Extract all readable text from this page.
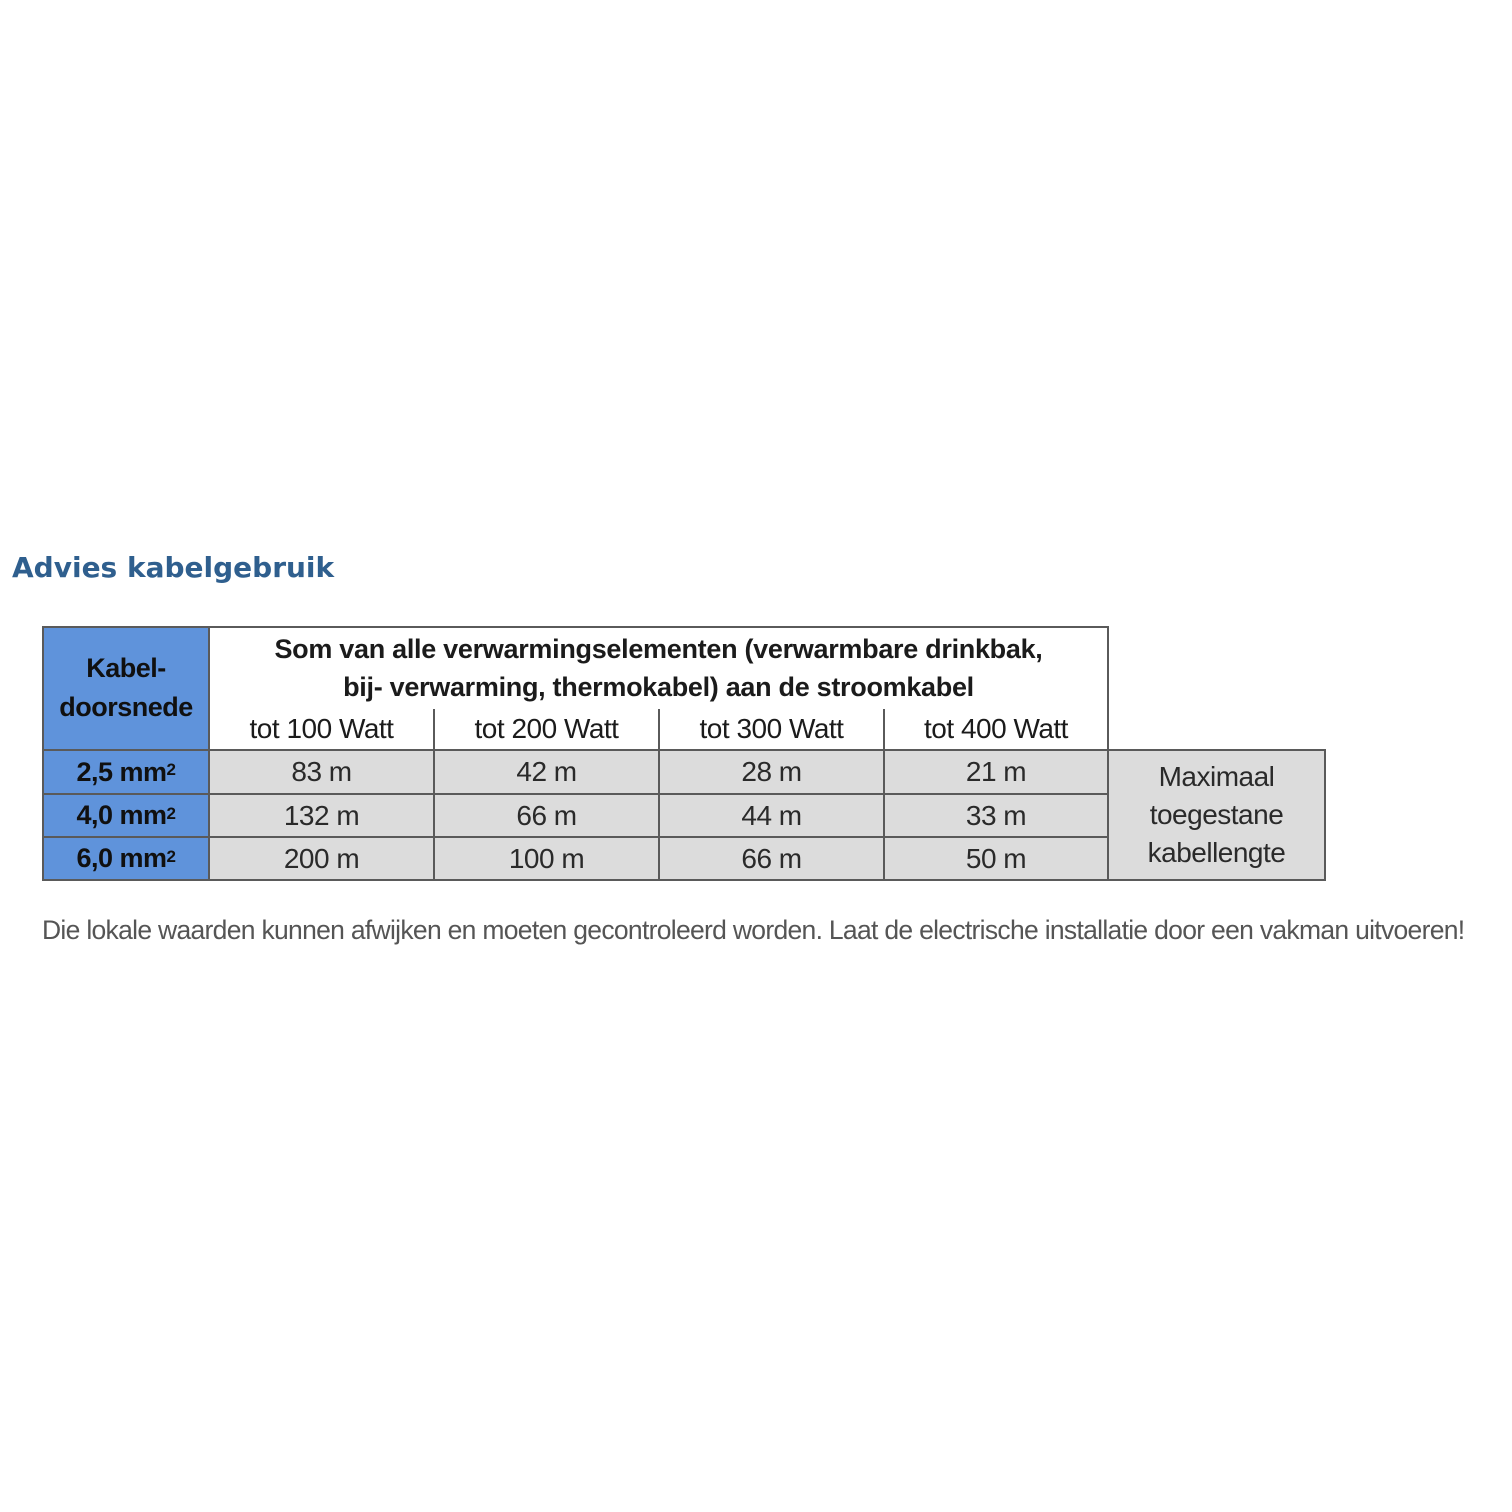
Advies kabelgebruik
Kabel-
doorsnede
Som van alle verwarmingselementen (verwarmbare drinkbak,
bij- verwarming, thermokabel) aan de stroomkabel
tot 100 Watt	tot 200 Watt	tot 300 Watt	tot 400 Watt
2,5 $mm^2$	83 m	42 m	28 m	21 m
4,0 $mm^2$	132 m	66 m	44 m	33 m
6,0 $mm^2$	200 m	100 m	66 m	50 m
Maximaal
toegestane
kabellengte
Die lokale waarden kunnen afwijken en moeten gecontroleerd worden. Laat de electrische installatie door een vakman uitvoeren!
